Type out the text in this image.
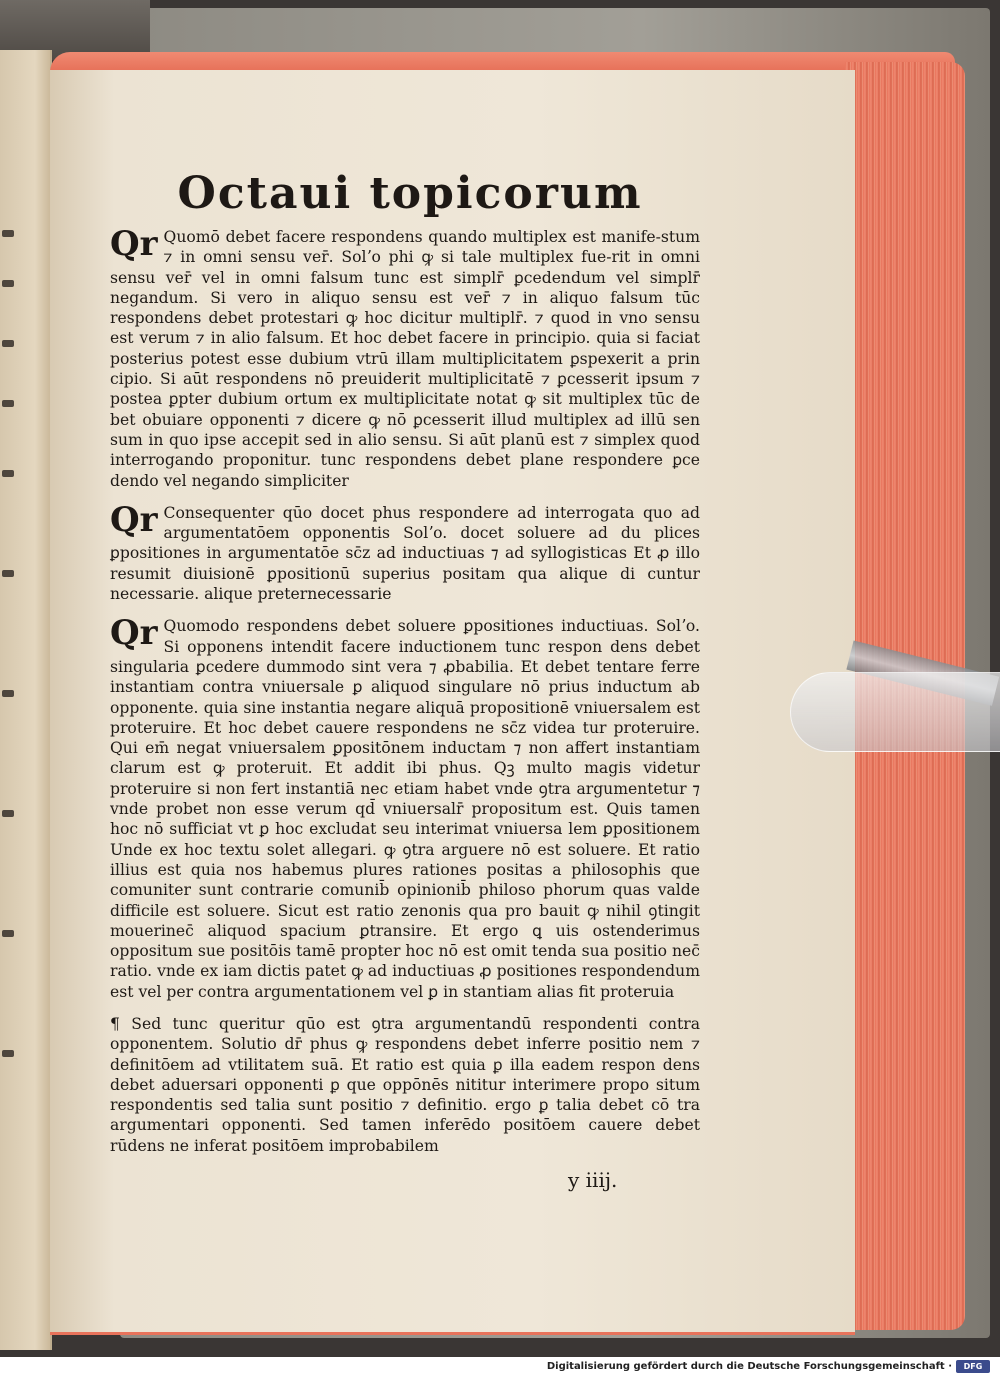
Octaui topicorum

Qr Quomō debet facere respondens quando multiplex est manife-stum ⁊ in omni sensu ver̄. Solʼo phi ꝙ si tale multiplex fue-rit in omni sensu ver̄ vel in omni falsum tunc est simplr̄ ꝑcedendum vel simplr̄ negandum. Si vero in aliquo sensu est ver̄ ⁊ in aliquo falsum tūc respondens debet protestari ꝙ hoc dicitur multiplr̄. ⁊ quod in vno sensu est verum ⁊ in alio falsum. Et hoc debet facere in principio. quia si faciat posterius potest esse dubium vtrū illam multiplicitatem ꝑspexerit a prin cipio. Si aūt respondens nō preuiderit multiplicitatē ⁊ ꝑcesserit ipsum ⁊ postea ꝑpter dubium ortum ex multiplicitate notat ꝙ sit multiplex tūc de bet obuiare opponenti ⁊ dicere ꝙ nō ꝑcesserit illud multiplex ad illū sen sum in quo ipse accepit sed in alio sensu. Si aūt planū est ⁊ simplex quod interrogando proponitur. tunc respondens debet plane respondere ꝑce dendo vel negando simpliciter

Qr Consequenter qūo docet phus respondere ad interrogata quo ad argumentatōem opponentis Solʼo. docet soluere ad du plices ꝑpositiones in argumentatōe sc̄z ad inductiuas ⁊ ad syllogisticas Et ꝓ illo resumit diuisionē ꝑpositionū superius positam qua alique di cuntur necessarie. alique preternecessarie

Qr Quomodo respondens debet soluere ꝑpositiones inductiuas. Solʼo. Si opponens intendit facere inductionem tunc respon dens debet singularia ꝑcedere dummodo sint vera ⁊ ꝓbabilia. Et debet tentare ferre instantiam contra vniuersale ꝑ aliquod singulare nō prius inductum ab opponente. quia sine instantia negare aliquā propositionē vniuersalem est proteruire. Et hoc debet cauere respondens ne sc̄z videa tur proteruire. Qui em̄ negat vniuersalem ꝑpositōnem inductam ⁊ non affert instantiam clarum est ꝙ proteruit. Et addit ibi phus. Qꝫ multo magis videtur proteruire si non fert instantiā nec etiam habet vnde ꝯtra argumentetur ⁊ vnde probet non esse verum qd̄ vniuersalr̄ propositum est. Quis tamen hoc nō sufficiat vt ꝑ hoc excludat seu interimat vniuersa lem ꝑpositionem Unde ex hoc textu solet allegari. ꝙ ꝯtra arguere nō est soluere. Et ratio illius est quia nos habemus plures rationes positas a philosophis que comuniter sunt contrarie comunib̄ opinionib̄ philoso phorum quas valde difficile est soluere. Sicut est ratio zenonis qua pro bauit ꝙ nihil ꝯtingit mouerinec̄ aliquod spacium ꝑtransire. Et ergo ꝗ uis ostenderimus oppositum sue positōis tamē propter hoc nō est omit tenda sua positio nec̄ ratio. vnde ex iam dictis patet ꝙ ad inductiuas ꝓ positiones respondendum est vel per contra argumentationem vel ꝑ in stantiam alias fit proteruia

¶ Sed tunc queritur qūo est ꝯtra argumentandū respondenti contra opponentem. Solutio dr̄ phus ꝙ respondens debet inferre positio nem ⁊ definitōem ad vtilitatem suā. Et ratio est quia ꝑ illa eadem respon dens debet aduersari opponenti ꝑ que oppōnēs nititur interimere propo situm respondentis sed talia sunt positio ⁊ definitio. ergo ꝑ talia debet cō tra argumentari opponenti. Sed tamen inferēdo positōem cauere debet rūdens ne inferat positōem improbabilem

y iiij.
Digitalisierung gefördert durch die Deutsche Forschungsgemeinschaft ·	DFG
